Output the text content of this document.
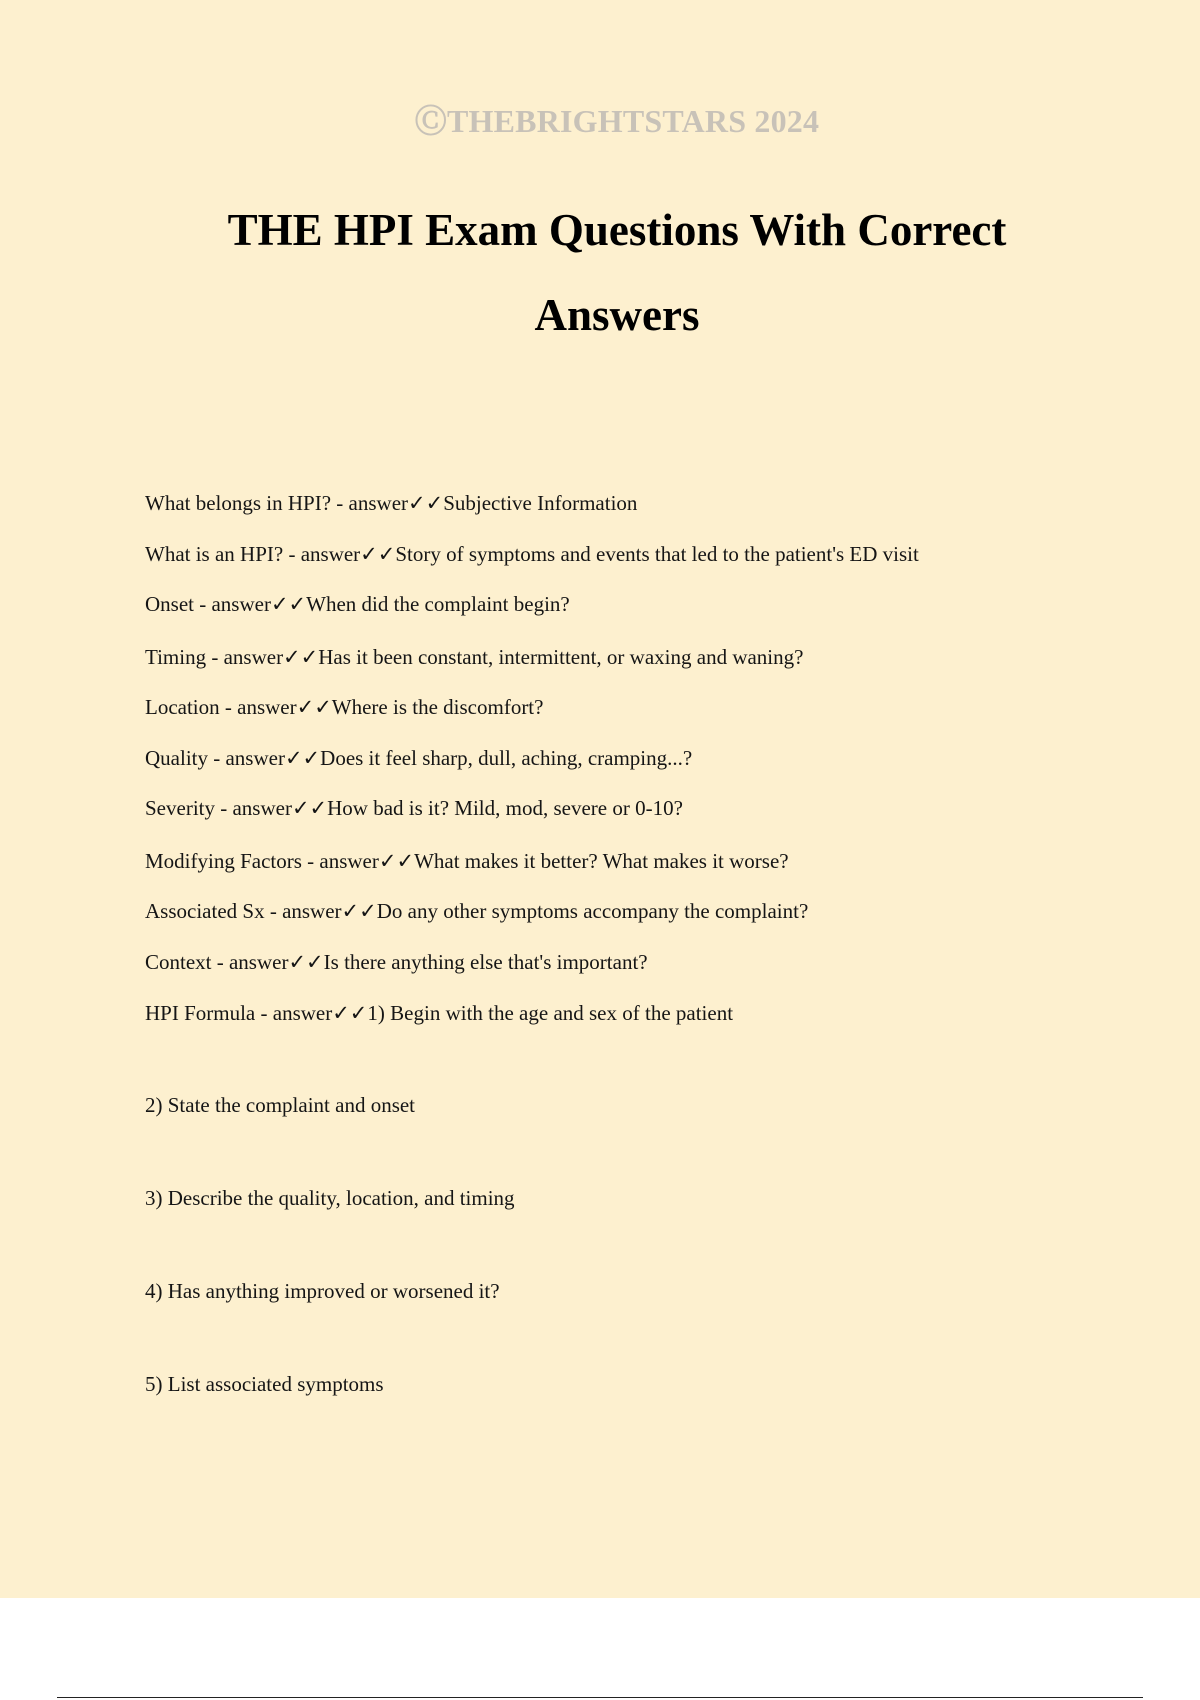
ⒸTHEBRIGHTSTARS 2024
THE HPI Exam Questions With Correct Answers
What belongs in HPI? - answer✓✓Subjective Information
What is an HPI? - answer✓✓Story of symptoms and events that led to the patient's ED visit
Onset - answer✓✓When did the complaint begin?
Timing - answer✓✓Has it been constant, intermittent, or waxing and waning?
Location - answer✓✓Where is the discomfort?
Quality - answer✓✓Does it feel sharp, dull, aching, cramping...?
Severity - answer✓✓How bad is it? Mild, mod, severe or 0-10?
Modifying Factors - answer✓✓What makes it better? What makes it worse?
Associated Sx - answer✓✓Do any other symptoms accompany the complaint?
Context - answer✓✓Is there anything else that's important?
HPI Formula - answer✓✓1) Begin with the age and sex of the patient
2) State the complaint and onset
3) Describe the quality, location, and timing
4) Has anything improved or worsened it?
5) List associated symptoms
